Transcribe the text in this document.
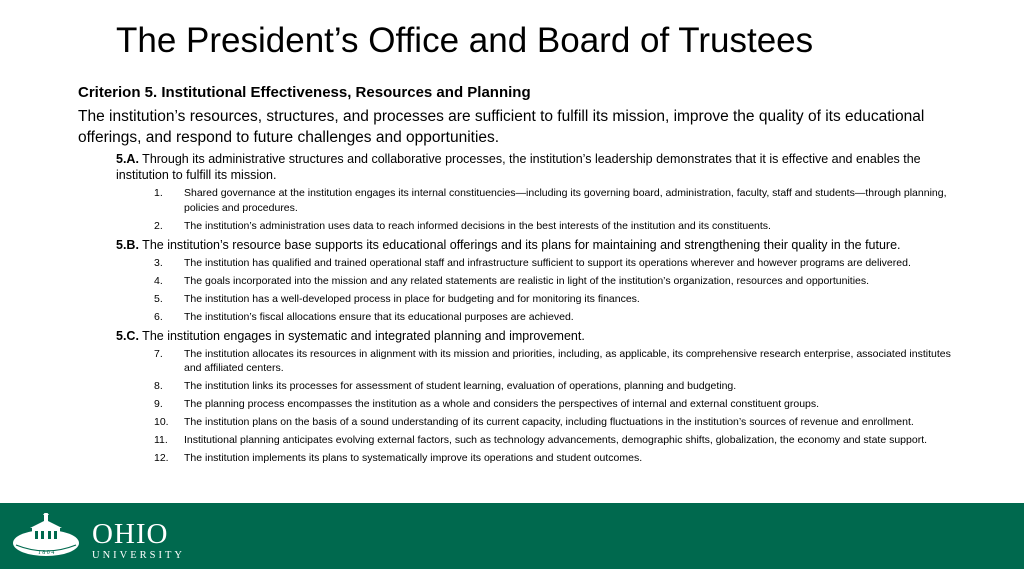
The President’s Office and Board of Trustees
Criterion 5. Institutional Effectiveness, Resources and Planning
The institution’s resources, structures, and processes are sufficient to fulfill its mission, improve the quality of its educational offerings, and respond to future challenges and opportunities.
5.A. Through its administrative structures and collaborative processes, the institution’s leadership demonstrates that it is effective and enables the institution to fulfill its mission.
1.	Shared governance at the institution engages its internal constituencies—including its governing board, administration, faculty, staff and students—through planning, policies and procedures.
2.	The institution’s administration uses data to reach informed decisions in the best interests of the institution and its constituents.
5.B. The institution’s resource base supports its educational offerings and its plans for maintaining and strengthening their quality in the future.
3.	The institution has qualified and trained operational staff and infrastructure sufficient to support its operations wherever and however programs are delivered.
4.	The goals incorporated into the mission and any related statements are realistic in light of the institution’s organization, resources and opportunities.
5.	The institution has a well-developed process in place for budgeting and for monitoring its finances.
6.	The institution’s fiscal allocations ensure that its educational purposes are achieved.
5.C. The institution engages in systematic and integrated planning and improvement.
7.	The institution allocates its resources in alignment with its mission and priorities, including, as applicable, its comprehensive research enterprise, associated institutes and affiliated centers.
8.	The institution links its processes for assessment of student learning, evaluation of operations, planning and budgeting.
9.	The planning process encompasses the institution as a whole and considers the perspectives of internal and external constituent groups.
10.	The institution plans on the basis of a sound understanding of its current capacity, including fluctuations in the institution’s sources of revenue and enrollment.
11.	Institutional planning anticipates evolving external factors, such as technology advancements, demographic shifts, globalization, the economy and state support.
12.	The institution implements its plans to systematically improve its operations and student outcomes.
1 8 0 4
OHIO
UNIVERSITY
